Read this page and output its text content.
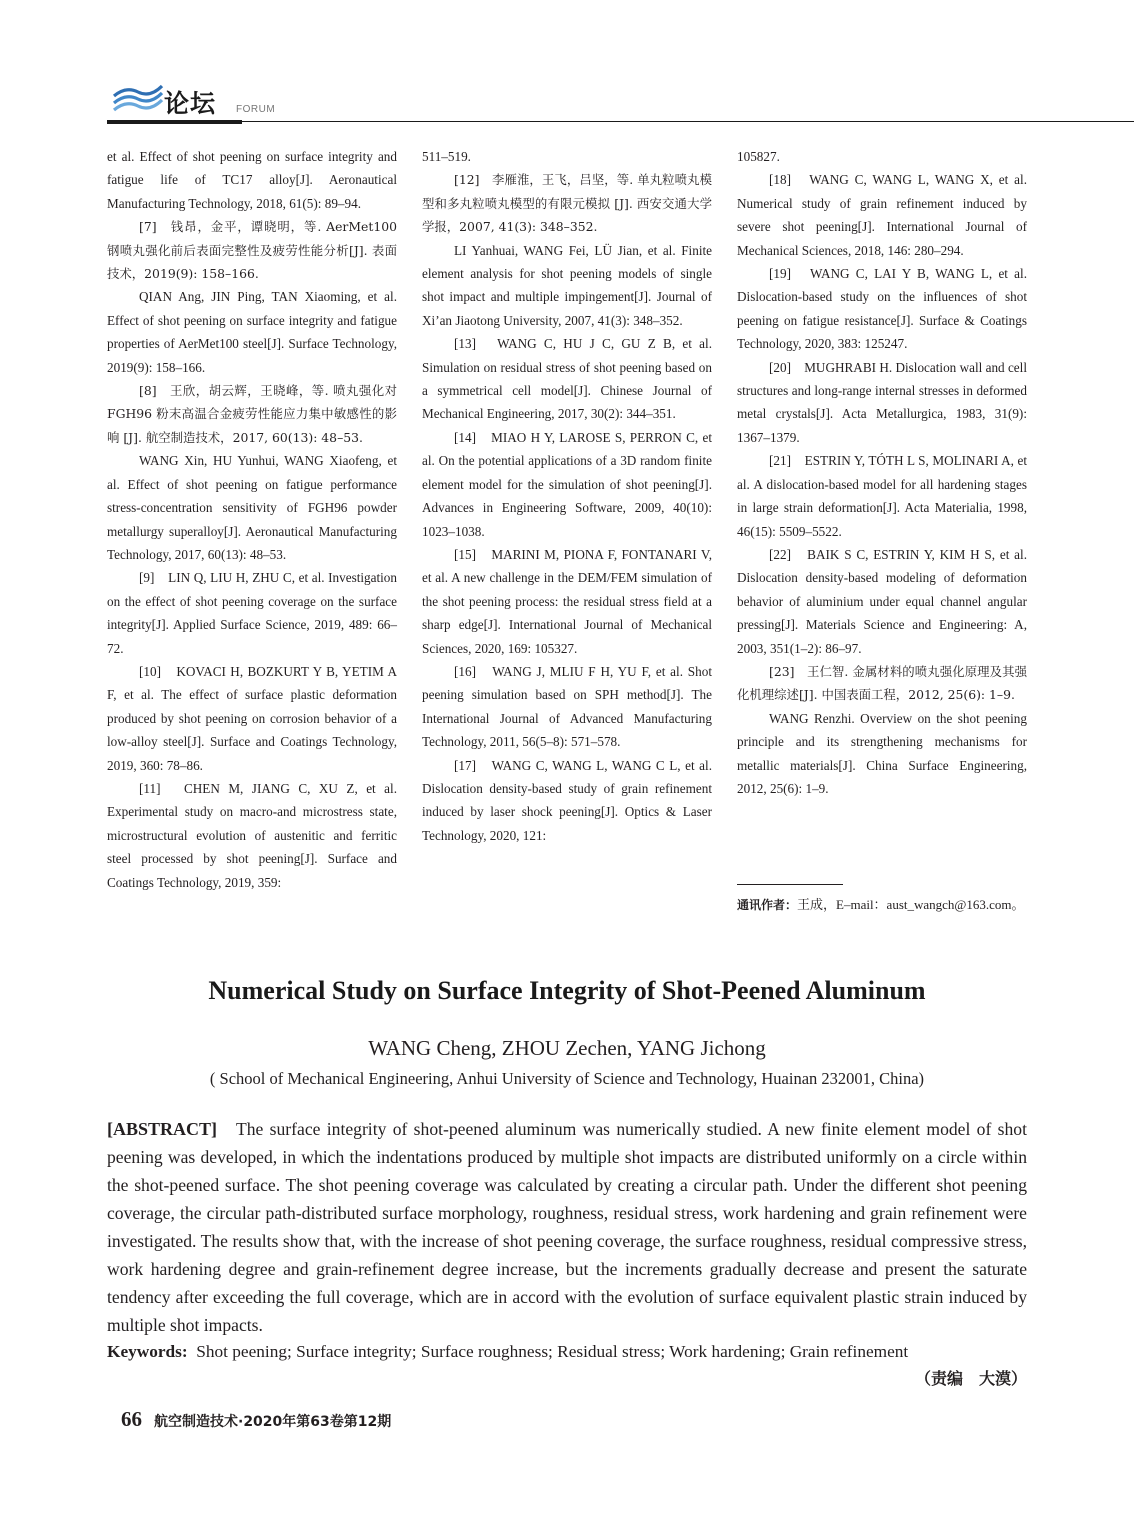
论坛 FORUM

et al. Effect of shot peening on surface integrity and fatigue life of TC17 alloy[J]. Aeronautical Manufacturing Technology, 2018, 61(5): 89–94.

[7]　钱昂，金平，谭晓明，等. AerMet100 钢喷丸强化前后表面完整性及疲劳性能分析[J]. 表面技术，2019(9): 158–166.

QIAN Ang, JIN Ping, TAN Xiaoming, et al. Effect of shot peening on surface integrity and fatigue properties of AerMet100 steel[J]. Surface Technology, 2019(9): 158–166.

[8]　王欣，胡云辉，王晓峰，等. 喷丸强化对 FGH96 粉末高温合金疲劳性能应力集中敏感性的影响 [J]. 航空制造技术，2017, 60(13): 48–53.

WANG Xin, HU Yunhui, WANG Xiaofeng, et al. Effect of shot peening on fatigue performance stress-concentration sensitivity of FGH96 powder metallurgy superalloy[J]. Aeronautical Manufacturing Technology, 2017, 60(13): 48–53.

[9]　LIN Q, LIU H, ZHU C, et al. Investigation on the effect of shot peening coverage on the surface integrity[J]. Applied Surface Science, 2019, 489: 66–72.

[10]　KOVACI H, BOZKURT Y B, YETIM A F, et al. The effect of surface plastic deformation produced by shot peening on corrosion behavior of a low-alloy steel[J]. Surface and Coatings Technology, 2019, 360: 78–86.

[11]　CHEN M, JIANG C, XU Z, et al. Experimental study on macro-and microstress state, microstructural evolution of austenitic and ferritic steel processed by shot peening[J]. Surface and Coatings Technology, 2019, 359:

511–519.

[12]　李雁淮，王飞，吕坚，等. 单丸粒喷丸模型和多丸粒喷丸模型的有限元模拟 [J]. 西安交通大学学报，2007, 41(3): 348–352.

LI Yanhuai, WANG Fei, LÜ Jian, et al. Finite element analysis for shot peening models of single shot impact and multiple impingement[J]. Journal of Xi’an Jiaotong University, 2007, 41(3): 348–352.

[13]　WANG C, HU J C, GU Z B, et al. Simulation on residual stress of shot peening based on a symmetrical cell model[J]. Chinese Journal of Mechanical Engineering, 2017, 30(2): 344–351.

[14]　MIAO H Y, LAROSE S, PERRON C, et al. On the potential applications of a 3D random finite element model for the simulation of shot peening[J]. Advances in Engineering Software, 2009, 40(10): 1023–1038.

[15]　MARINI M, PIONA F, FONTANARI V, et al. A new challenge in the DEM/FEM simulation of the shot peening process: the residual stress field at a sharp edge[J]. International Journal of Mechanical Sciences, 2020, 169: 105327.

[16]　WANG J, MLIU F H, YU F, et al. Shot peening simulation based on SPH method[J]. The International Journal of Advanced Manufacturing Technology, 2011, 56(5–8): 571–578.

[17]　WANG C, WANG L, WANG C L, et al. Dislocation density-based study of grain refinement induced by laser shock peening[J]. Optics & Laser Technology, 2020, 121:

105827.

[18]　WANG C, WANG L, WANG X, et al. Numerical study of grain refinement induced by severe shot peening[J]. International Journal of Mechanical Sciences, 2018, 146: 280–294.

[19]　WANG C, LAI Y B, WANG L, et al. Dislocation-based study on the influences of shot peening on fatigue resistance[J]. Surface & Coatings Technology, 2020, 383: 125247.

[20]　MUGHRABI H. Dislocation wall and cell structures and long-range internal stresses in deformed metal crystals[J]. Acta Metallurgica, 1983, 31(9): 1367–1379.

[21]　ESTRIN Y, TÓTH L S, MOLINARI A, et al. A dislocation-based model for all hardening stages in large strain deformation[J]. Acta Materialia, 1998, 46(15): 5509–5522.

[22]　BAIK S C, ESTRIN Y, KIM H S, et al. Dislocation density-based modeling of deformation behavior of aluminium under equal channel angular pressing[J]. Materials Science and Engineering: A, 2003, 351(1–2): 86–97.

[23]　王仁智. 金属材料的喷丸强化原理及其强化机理综述[J]. 中国表面工程，2012, 25(6): 1–9.

WANG Renzhi. Overview on the shot peening principle and its strengthening mechanisms for metallic materials[J]. China Surface Engineering, 2012, 25(6): 1–9.

通讯作者：王成，E–mail：aust_wangch@163.com。
Numerical Study on Surface Integrity of Shot-Peened Aluminum
WANG Cheng, ZHOU Zechen, YANG Jichong
( School of Mechanical Engineering, Anhui University of Science and Technology, Huainan 232001, China)

[ABSTRACT] The surface integrity of shot-peened aluminum was numerically studied. A new finite element model of shot peening was developed, in which the indentations produced by multiple shot impacts are distributed uniformly on a circle within the shot-peened surface. The shot peening coverage was calculated by creating a circular path. Under the different shot peening coverage, the circular path-distributed surface morphology, roughness, residual stress, work hardening and grain refinement were investigated. The results show that, with the increase of shot peening coverage, the surface roughness, residual compressive stress, work hardening degree and grain-refinement degree increase, but the increments gradually decrease and present the saturate tendency after exceeding the full coverage, which are in accord with the evolution of surface equivalent plastic strain induced by multiple shot impacts.

Keywords: Shot peening; Surface integrity; Surface roughness; Residual stress; Work hardening; Grain refinement
（责编　大漠）
66 航空制造技术·2020年第63卷第12期
